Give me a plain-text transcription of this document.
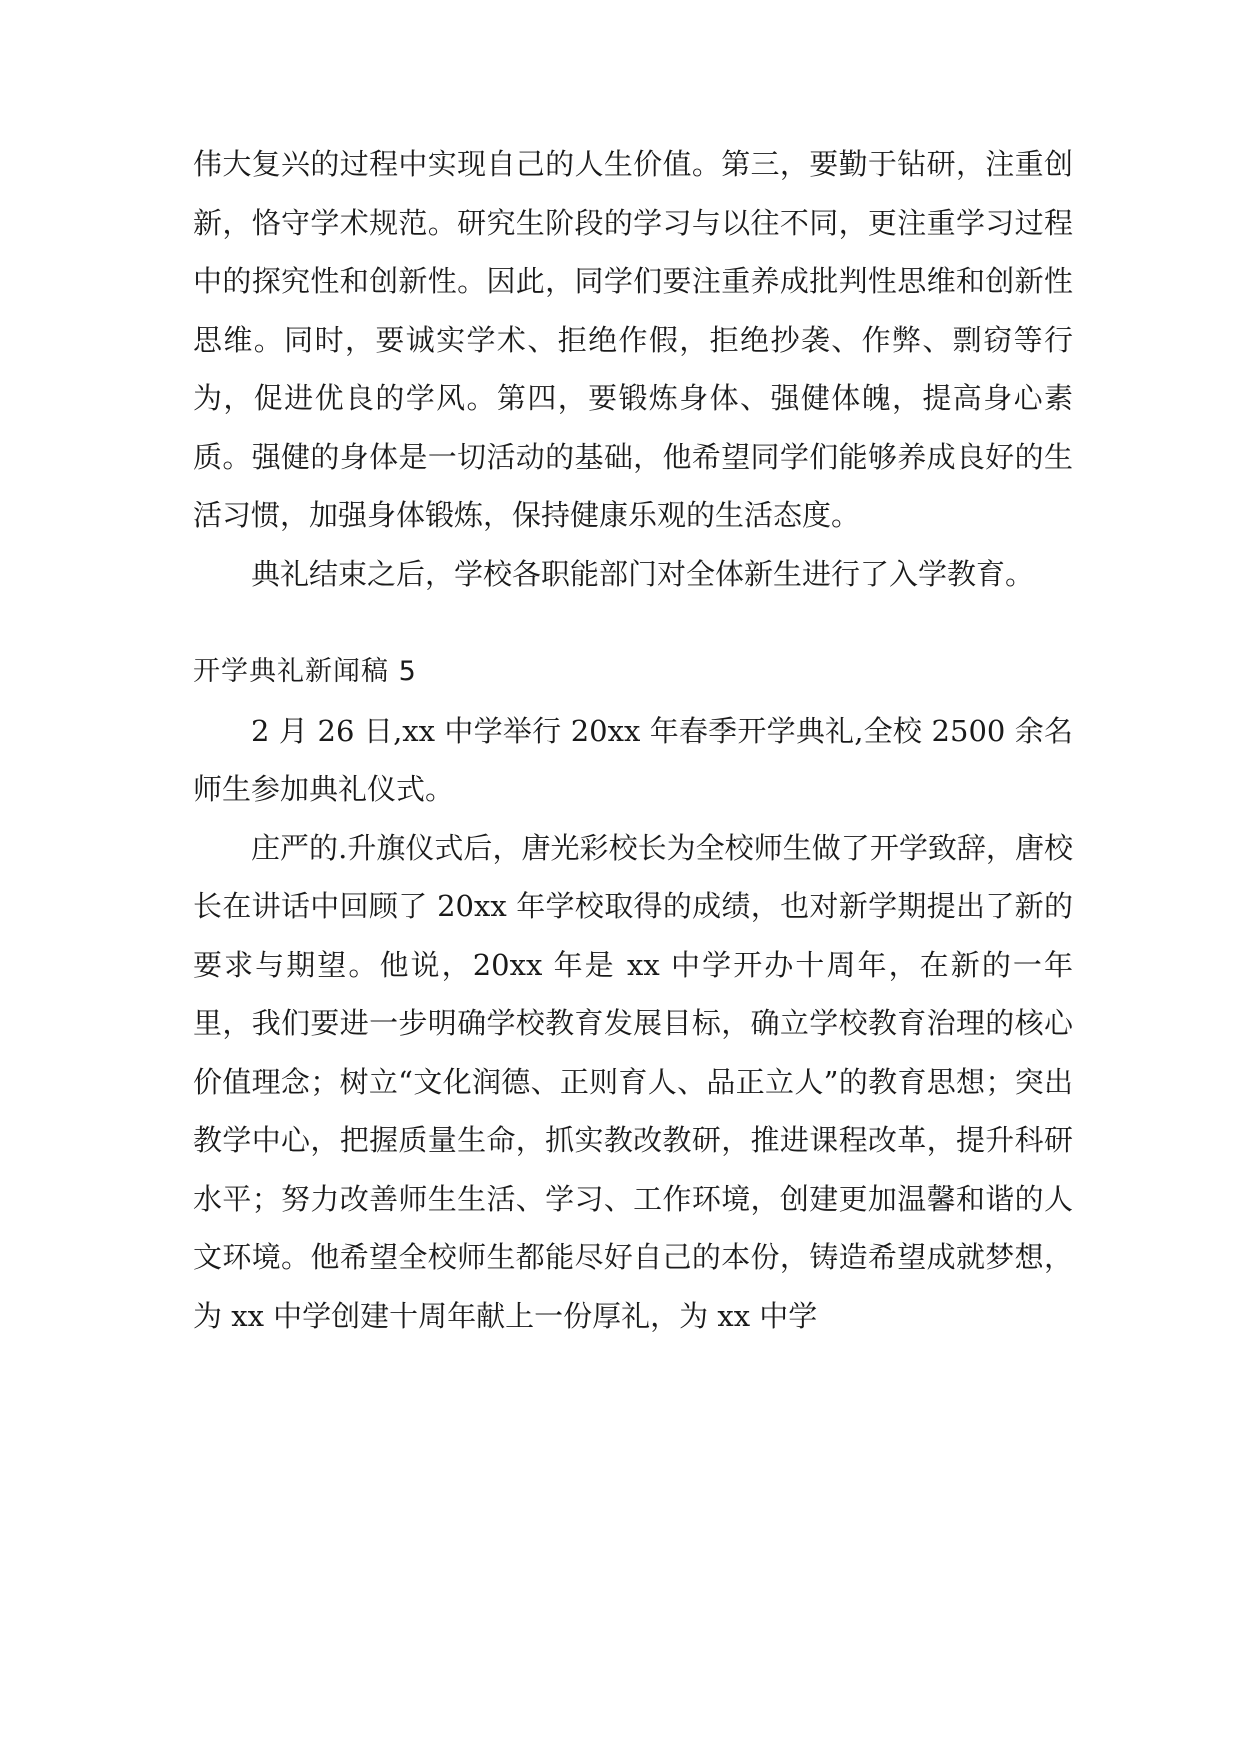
伟大复兴的过程中实现自己的人生价值。第三，要勤于钻研，注重创新，恪守学术规范。研究生阶段的学习与以往不同，更注重学习过程中的探究性和创新性。因此，同学们要注重养成批判性思维和创新性思维。同时，要诚实学术、拒绝作假，拒绝抄袭、作弊、剽窃等行为，促进优良的学风。第四，要锻炼身体、强健体魄，提高身心素质。强健的身体是一切活动的基础，他希望同学们能够养成良好的生活习惯，加强身体锻炼，保持健康乐观的生活态度。

典礼结束之后，学校各职能部门对全体新生进行了入学教育。

开学典礼新闻稿 5

2 月 26 日,xx 中学举行 20xx 年春季开学典礼,全校 2500 余名师生参加典礼仪式。

庄严的.升旗仪式后，唐光彩校长为全校师生做了开学致辞，唐校长在讲话中回顾了 20xx 年学校取得的成绩，也对新学期提出了新的要求与期望。他说，20xx 年是 xx 中学开办十周年，在新的一年里，我们要进一步明确学校教育发展目标，确立学校教育治理的核心价值理念；树立“文化润德、正则育人、品正立人”的教育思想；突出教学中心，把握质量生命，抓实教改教研，推进课程改革，提升科研水平；努力改善师生生活、学习、工作环境，创建更加温馨和谐的人文环境。他希望全校师生都能尽好自己的本份，铸造希望成就梦想，为 xx 中学创建十周年献上一份厚礼，为 xx 中学
